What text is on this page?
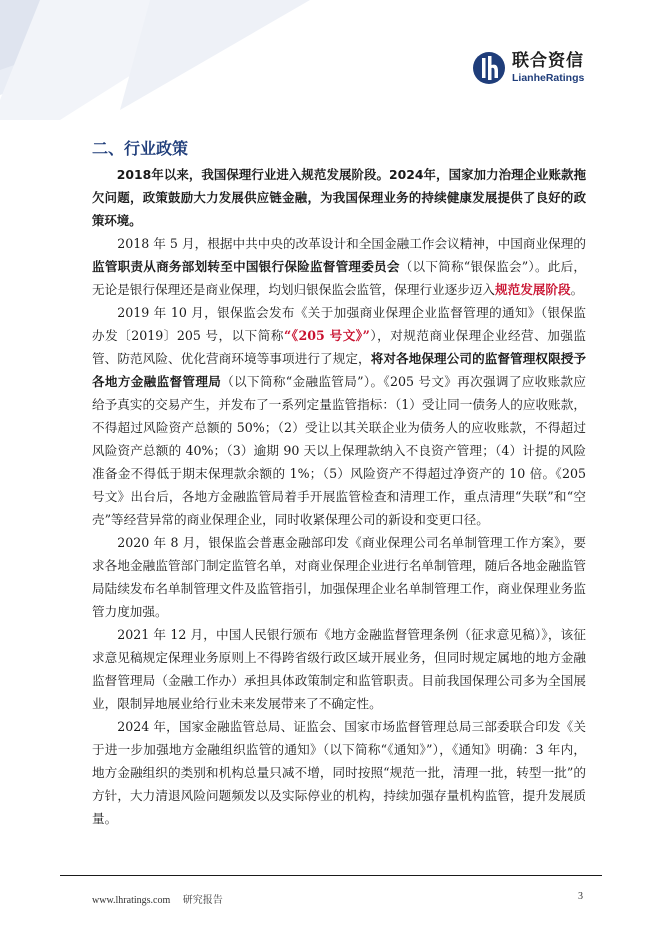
联合资信
LianheRatings
二、行业政策

2018年以来，我国保理行业进入规范发展阶段。2024年，国家加力治理企业账款拖欠问题，政策鼓励大力发展供应链金融，为我国保理业务的持续健康发展提供了良好的政策环境。

2018 年 5 月，根据中共中央的改革设计和全国金融工作会议精神，中国商业保理的监管职责从商务部划转至中国银行保险监督管理委员会（以下简称“银保监会”）。此后，无论是银行保理还是商业保理，均划归银保监会监管，保理行业逐步迈入规范发展阶段。

2019 年 10 月，银保监会发布《关于加强商业保理企业监督管理的通知》（银保监办发〔2019〕205 号，以下简称“《205 号文》”），对规范商业保理企业经营、加强监管、防范风险、优化营商环境等事项进行了规定，将对各地保理公司的监督管理权限授予各地方金融监督管理局（以下简称“金融监管局”）。《205 号文》再次强调了应收账款应给予真实的交易产生，并发布了一系列定量监管指标：（1）受让同一债务人的应收账款，不得超过风险资产总额的 50%；（2）受让以其关联企业为债务人的应收账款，不得超过风险资产总额的 40%；（3）逾期 90 天以上保理款纳入不良资产管理；（4）计提的风险准备金不得低于期末保理款余额的 1%；（5）风险资产不得超过净资产的 10 倍。《205 号文》出台后，各地方金融监管局着手开展监管检查和清理工作，重点清理“失联”和“空壳”等经营异常的商业保理企业，同时收紧保理公司的新设和变更口径。

2020 年 8 月，银保监会普惠金融部印发《商业保理公司名单制管理工作方案》，要求各地金融监管部门制定监管名单，对商业保理企业进行名单制管理，随后各地金融监管局陆续发布名单制管理文件及监管指引，加强保理企业名单制管理工作，商业保理业务监管力度加强。

2021 年 12 月，中国人民银行颁布《地方金融监督管理条例（征求意见稿）》，该征求意见稿规定保理业务原则上不得跨省级行政区域开展业务，但同时规定属地的地方金融监督管理局（金融工作办）承担具体政策制定和监管职责。目前我国保理公司多为全国展业，限制异地展业给行业未来发展带来了不确定性。

2024 年，国家金融监管总局、证监会、国家市场监督管理总局三部委联合印发《关于进一步加强地方金融组织监管的通知》（以下简称“《通知》”），《通知》明确：3 年内，地方金融组织的类别和机构总量只减不增，同时按照“规范一批，清理一批，转型一批”的方针，大力清退风险问题频发以及实际停业的机构，持续加强存量机构监管，提升发展质量。

www.lhratings.com 研究报告	3
